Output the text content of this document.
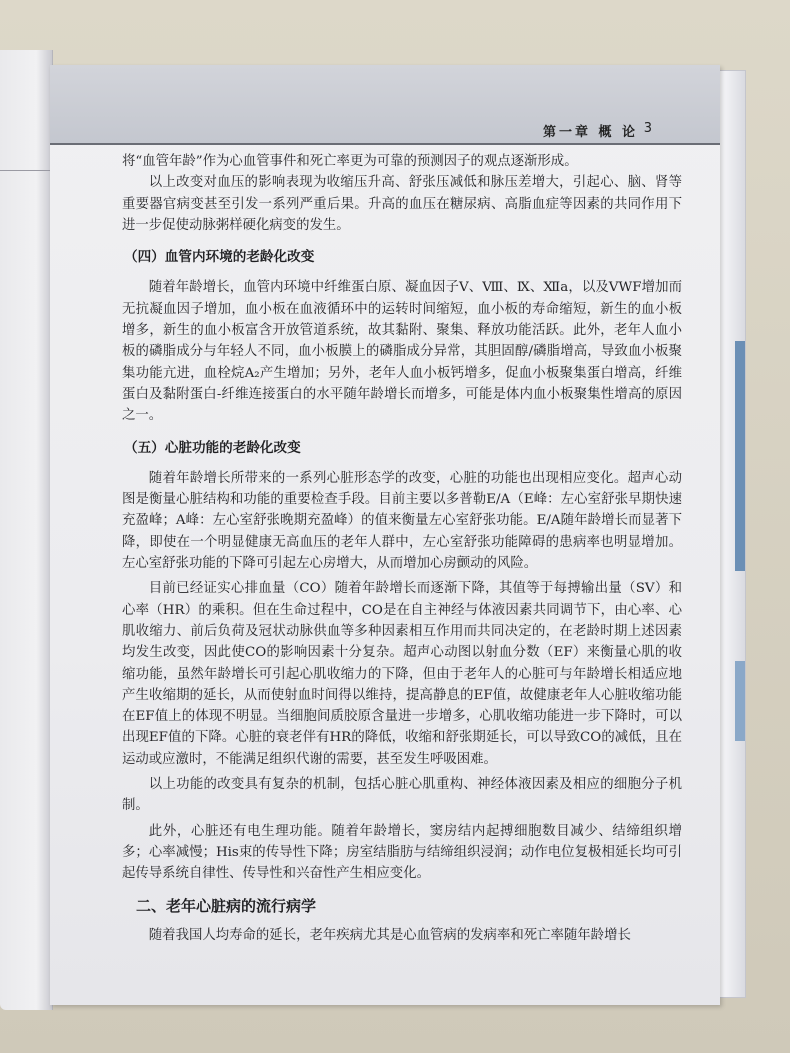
第一章 概 论 3

将“血管年龄”作为心血管事件和死亡率更为可靠的预测因子的观点逐渐形成。

以上改变对血压的影响表现为收缩压升高、舒张压减低和脉压差增大，引起心、脑、肾等重要器官病变甚至引发一系列严重后果。升高的血压在糖尿病、高脂血症等因素的共同作用下进一步促使动脉粥样硬化病变的发生。

（四）血管内环境的老龄化改变

随着年龄增长，血管内环境中纤维蛋白原、凝血因子Ⅴ、Ⅷ、Ⅸ、Ⅻa，以及VWF增加而无抗凝血因子增加，血小板在血液循环中的运转时间缩短，血小板的寿命缩短，新生的血小板增多，新生的血小板富含开放管道系统，故其黏附、聚集、释放功能活跃。此外，老年人血小板的磷脂成分与年轻人不同，血小板膜上的磷脂成分异常，其胆固醇/磷脂增高，导致血小板聚集功能亢进，血栓烷A₂产生增加；另外，老年人血小板钙增多，促血小板聚集蛋白增高，纤维蛋白及黏附蛋白-纤维连接蛋白的水平随年龄增长而增多，可能是体内血小板聚集性增高的原因之一。

（五）心脏功能的老龄化改变

随着年龄增长所带来的一系列心脏形态学的改变，心脏的功能也出现相应变化。超声心动图是衡量心脏结构和功能的重要检查手段。目前主要以多普勒E/A（E峰：左心室舒张早期快速充盈峰；A峰：左心室舒张晚期充盈峰）的值来衡量左心室舒张功能。E/A随年龄增长而显著下降，即使在一个明显健康无高血压的老年人群中，左心室舒张功能障碍的患病率也明显增加。左心室舒张功能的下降可引起左心房增大，从而增加心房颤动的风险。

目前已经证实心排血量（CO）随着年龄增长而逐渐下降，其值等于每搏输出量（SV）和心率（HR）的乘积。但在生命过程中，CO是在自主神经与体液因素共同调节下，由心率、心肌收缩力、前后负荷及冠状动脉供血等多种因素相互作用而共同决定的，在老龄时期上述因素均发生改变，因此使CO的影响因素十分复杂。超声心动图以射血分数（EF）来衡量心肌的收缩功能，虽然年龄增长可引起心肌收缩力的下降，但由于老年人的心脏可与年龄增长相适应地产生收缩期的延长，从而使射血时间得以维持，提高静息的EF值，故健康老年人心脏收缩功能在EF值上的体现不明显。当细胞间质胶原含量进一步增多，心肌收缩功能进一步下降时，可以出现EF值的下降。心脏的衰老伴有HR的降低，收缩和舒张期延长，可以导致CO的减低，且在运动或应激时，不能满足组织代谢的需要，甚至发生呼吸困难。

以上功能的改变具有复杂的机制，包括心脏心肌重构、神经体液因素及相应的细胞分子机制。

此外，心脏还有电生理功能。随着年龄增长，窦房结内起搏细胞数目减少、结缔组织增多；心率减慢；His束的传导性下降；房室结脂肪与结缔组织浸润；动作电位复极相延长均可引起传导系统自律性、传导性和兴奋性产生相应变化。

二、老年心脏病的流行病学

随着我国人均寿命的延长，老年疾病尤其是心血管病的发病率和死亡率随年龄增长
